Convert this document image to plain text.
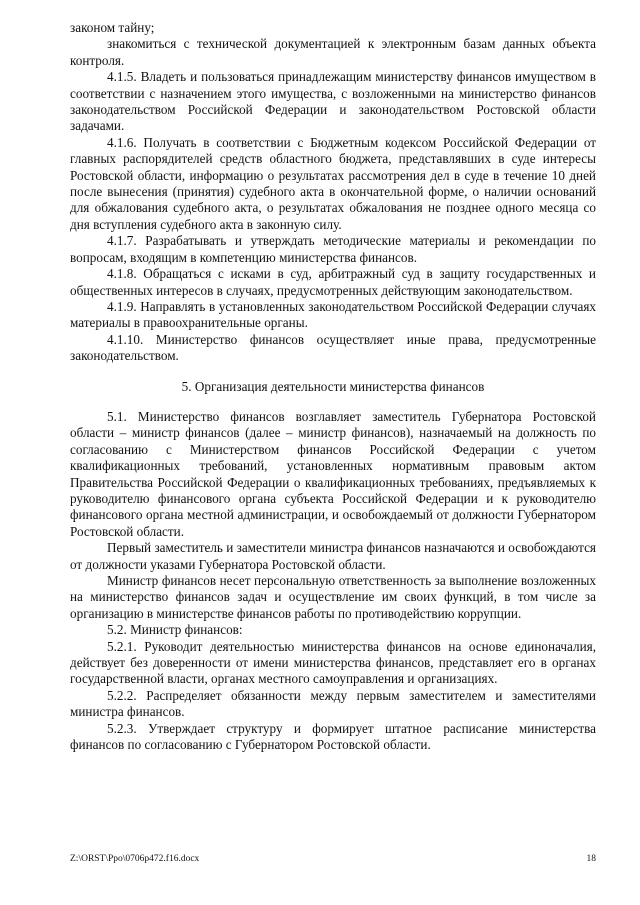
законом тайну;

знакомиться с технической документацией к электронным базам данных объекта контроля.

4.1.5. Владеть и пользоваться принадлежащим министерству финансов имуществом в соответствии с назначением этого имущества, с возложенными на министерство финансов законодательством Российской Федерации и законодательством Ростовской области задачами.

4.1.6. Получать в соответствии с Бюджетным кодексом Российской Федерации от главных распорядителей средств областного бюджета, представлявших в суде интересы Ростовской области, информацию о результатах рассмотрения дел в суде в течение 10 дней после вынесения (принятия) судебного акта в окончательной форме, о наличии оснований для обжалования судебного акта, о результатах обжалования не позднее одного месяца со дня вступления судебного акта в законную силу.

4.1.7. Разрабатывать и утверждать методические материалы и рекомендации по вопросам, входящим в компетенцию министерства финансов.

4.1.8. Обращаться с исками в суд, арбитражный суд в защиту государственных и общественных интересов в случаях, предусмотренных действующим законодательством.

4.1.9. Направлять в установленных законодательством Российской Федерации случаях материалы в правоохранительные органы.

4.1.10. Министерство финансов осуществляет иные права, предусмотренные законодательством.

5. Организация деятельности министерства финансов

5.1. Министерство финансов возглавляет заместитель Губернатора Ростовской области – министр финансов (далее – министр финансов), назначаемый на должность по согласованию с Министерством финансов Российской Федерации с учетом квалификационных требований, установленных нормативным правовым актом Правительства Российской Федерации о квалификационных требованиях, предъявляемых к руководителю финансового органа субъекта Российской Федерации и к руководителю финансового органа местной администрации, и освобождаемый от должности Губернатором Ростовской области.

Первый заместитель и заместители министра финансов назначаются и освобождаются от должности указами Губернатора Ростовской области.

Министр финансов несет персональную ответственность за выполнение возложенных на министерство финансов задач и осуществление им своих функций, в том числе за организацию в министерстве финансов работы по противодействию коррупции.

5.2. Министр финансов:

5.2.1. Руководит деятельностью министерства финансов на основе единоначалия, действует без доверенности от имени министерства финансов, представляет его в органах государственной власти, органах местного самоуправления и организациях.

5.2.2. Распределяет обязанности между первым заместителем и заместителями министра финансов.

5.2.3. Утверждает структуру и формирует штатное расписание министерства финансов по согласованию с Губернатором Ростовской области.

Z:\ORST\Ppo\0706p472.f16.docx	18
